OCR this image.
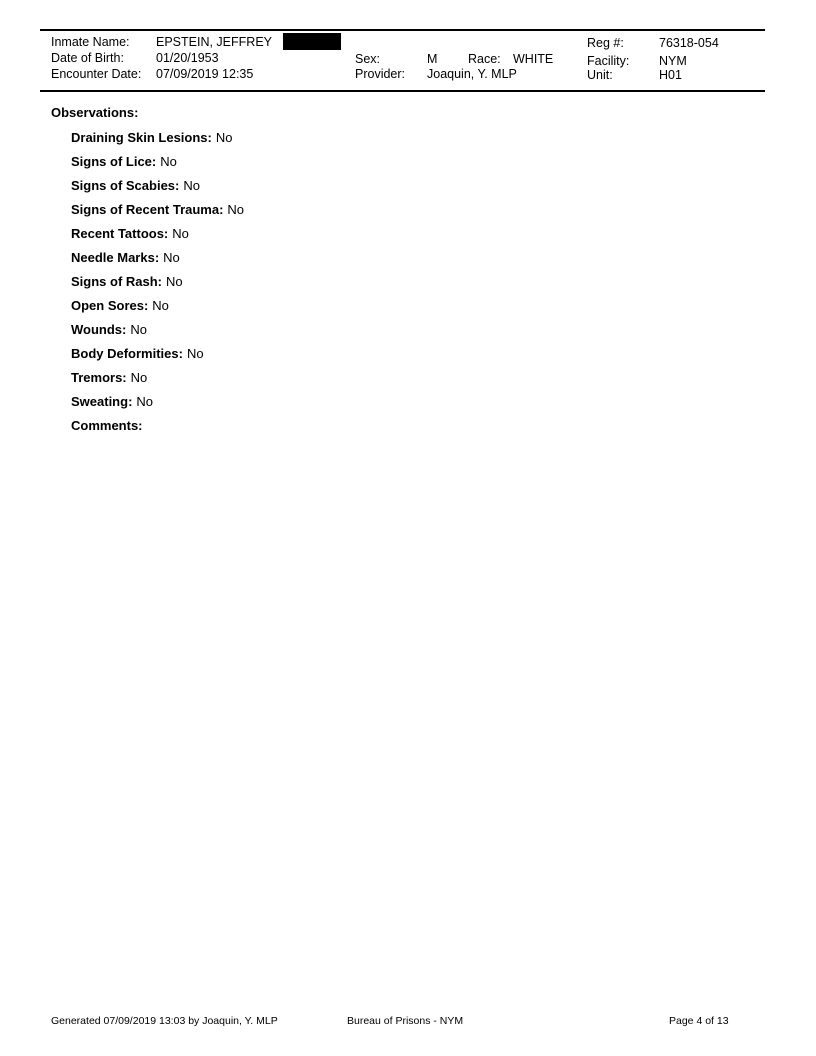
Inmate Name: EPSTEIN, JEFFREY
Date of Birth:	01/20/1953
Encounter Date: 07/09/2019 12:35
Sex:	M Race: WHITE
Provider: Joaquin, Y. MLP
Reg #:	76318-054
Facility: NYM
Unit:	H01
Observations:
Draining Skin Lesions: No
Signs of Lice: No
Signs of Scabies: No
Signs of Recent Trauma: No
Recent Tattoos: No
Needle Marks: No
Signs of Rash: No
Open Sores: No
Wounds: No
Body Deformities: No
Tremors: No
Sweating: No
Comments:
Generated 07/09/2019 13:03 by Joaquin, Y. MLP	Bureau of Prisons - NYM	Page 4 of 13
